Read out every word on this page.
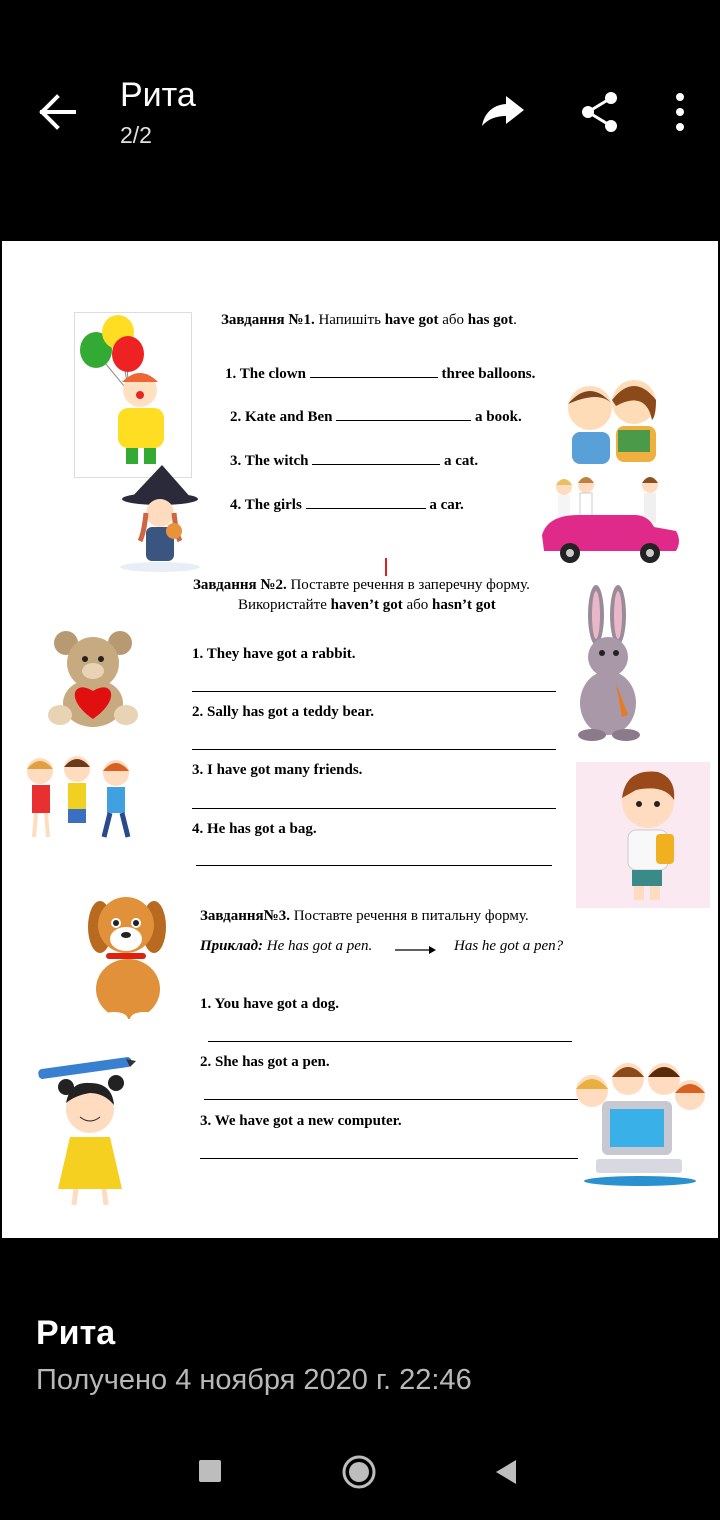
Рита
2/2
Завдання №1. Напишіть have got або has got.
1. The clown	three balloons.
2. Kate and Ben	a book.
3. The witch	a cat.
4. The girls	a car.
Завдання №2. Поставте речення в заперечну форму.
Використайте haven’t got або hasn’t got
1. They have got a rabbit.
2. Sally has got a teddy bear.
3. I have got many friends.
4. He has got a bag.
Завдання№3. Поставте речення в питальну форму.
Приклад: He has got a pen.	Has he got a pen?
1. You have got a dog.
2. She has got a pen.
3. We have got a new computer.
Рита
Получено 4 ноября 2020 г. 22:46
